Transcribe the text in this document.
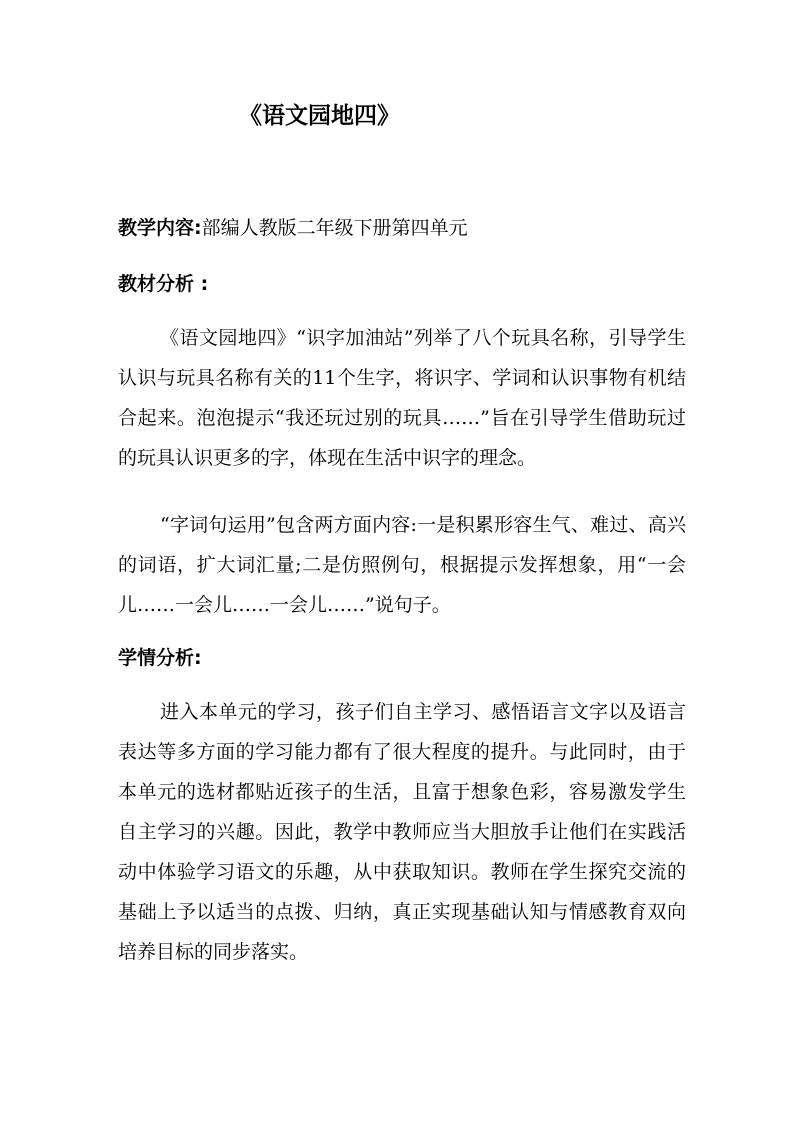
《语文园地四》
教学内容:部编人教版二年级下册第四单元
教材分析 :
《语文园地四》“识字加油站”列举了八个玩具名称，引导学生认识与玩具名称有关的11个生字，将识字、学词和认识事物有机结合起来。泡泡提示“我还玩过别的玩具……”旨在引导学生借助玩过的玩具认识更多的字，体现在生活中识字的理念。
“字词句运用”包含两方面内容:一是积累形容生气、难过、高兴的词语，扩大词汇量;二是仿照例句，根据提示发挥想象，用“一会儿……一会儿……一会儿……”说句子。
学情分析:
进入本单元的学习，孩子们自主学习、感悟语言文字以及语言表达等多方面的学习能力都有了很大程度的提升。与此同时，由于本单元的选材都贴近孩子的生活，且富于想象色彩，容易激发学生自主学习的兴趣。因此，教学中教师应当大胆放手让他们在实践活动中体验学习语文的乐趣，从中获取知识。教师在学生探究交流的基础上予以适当的点拨、归纳，真正实现基础认知与情感教育双向培养目标的同步落实。
